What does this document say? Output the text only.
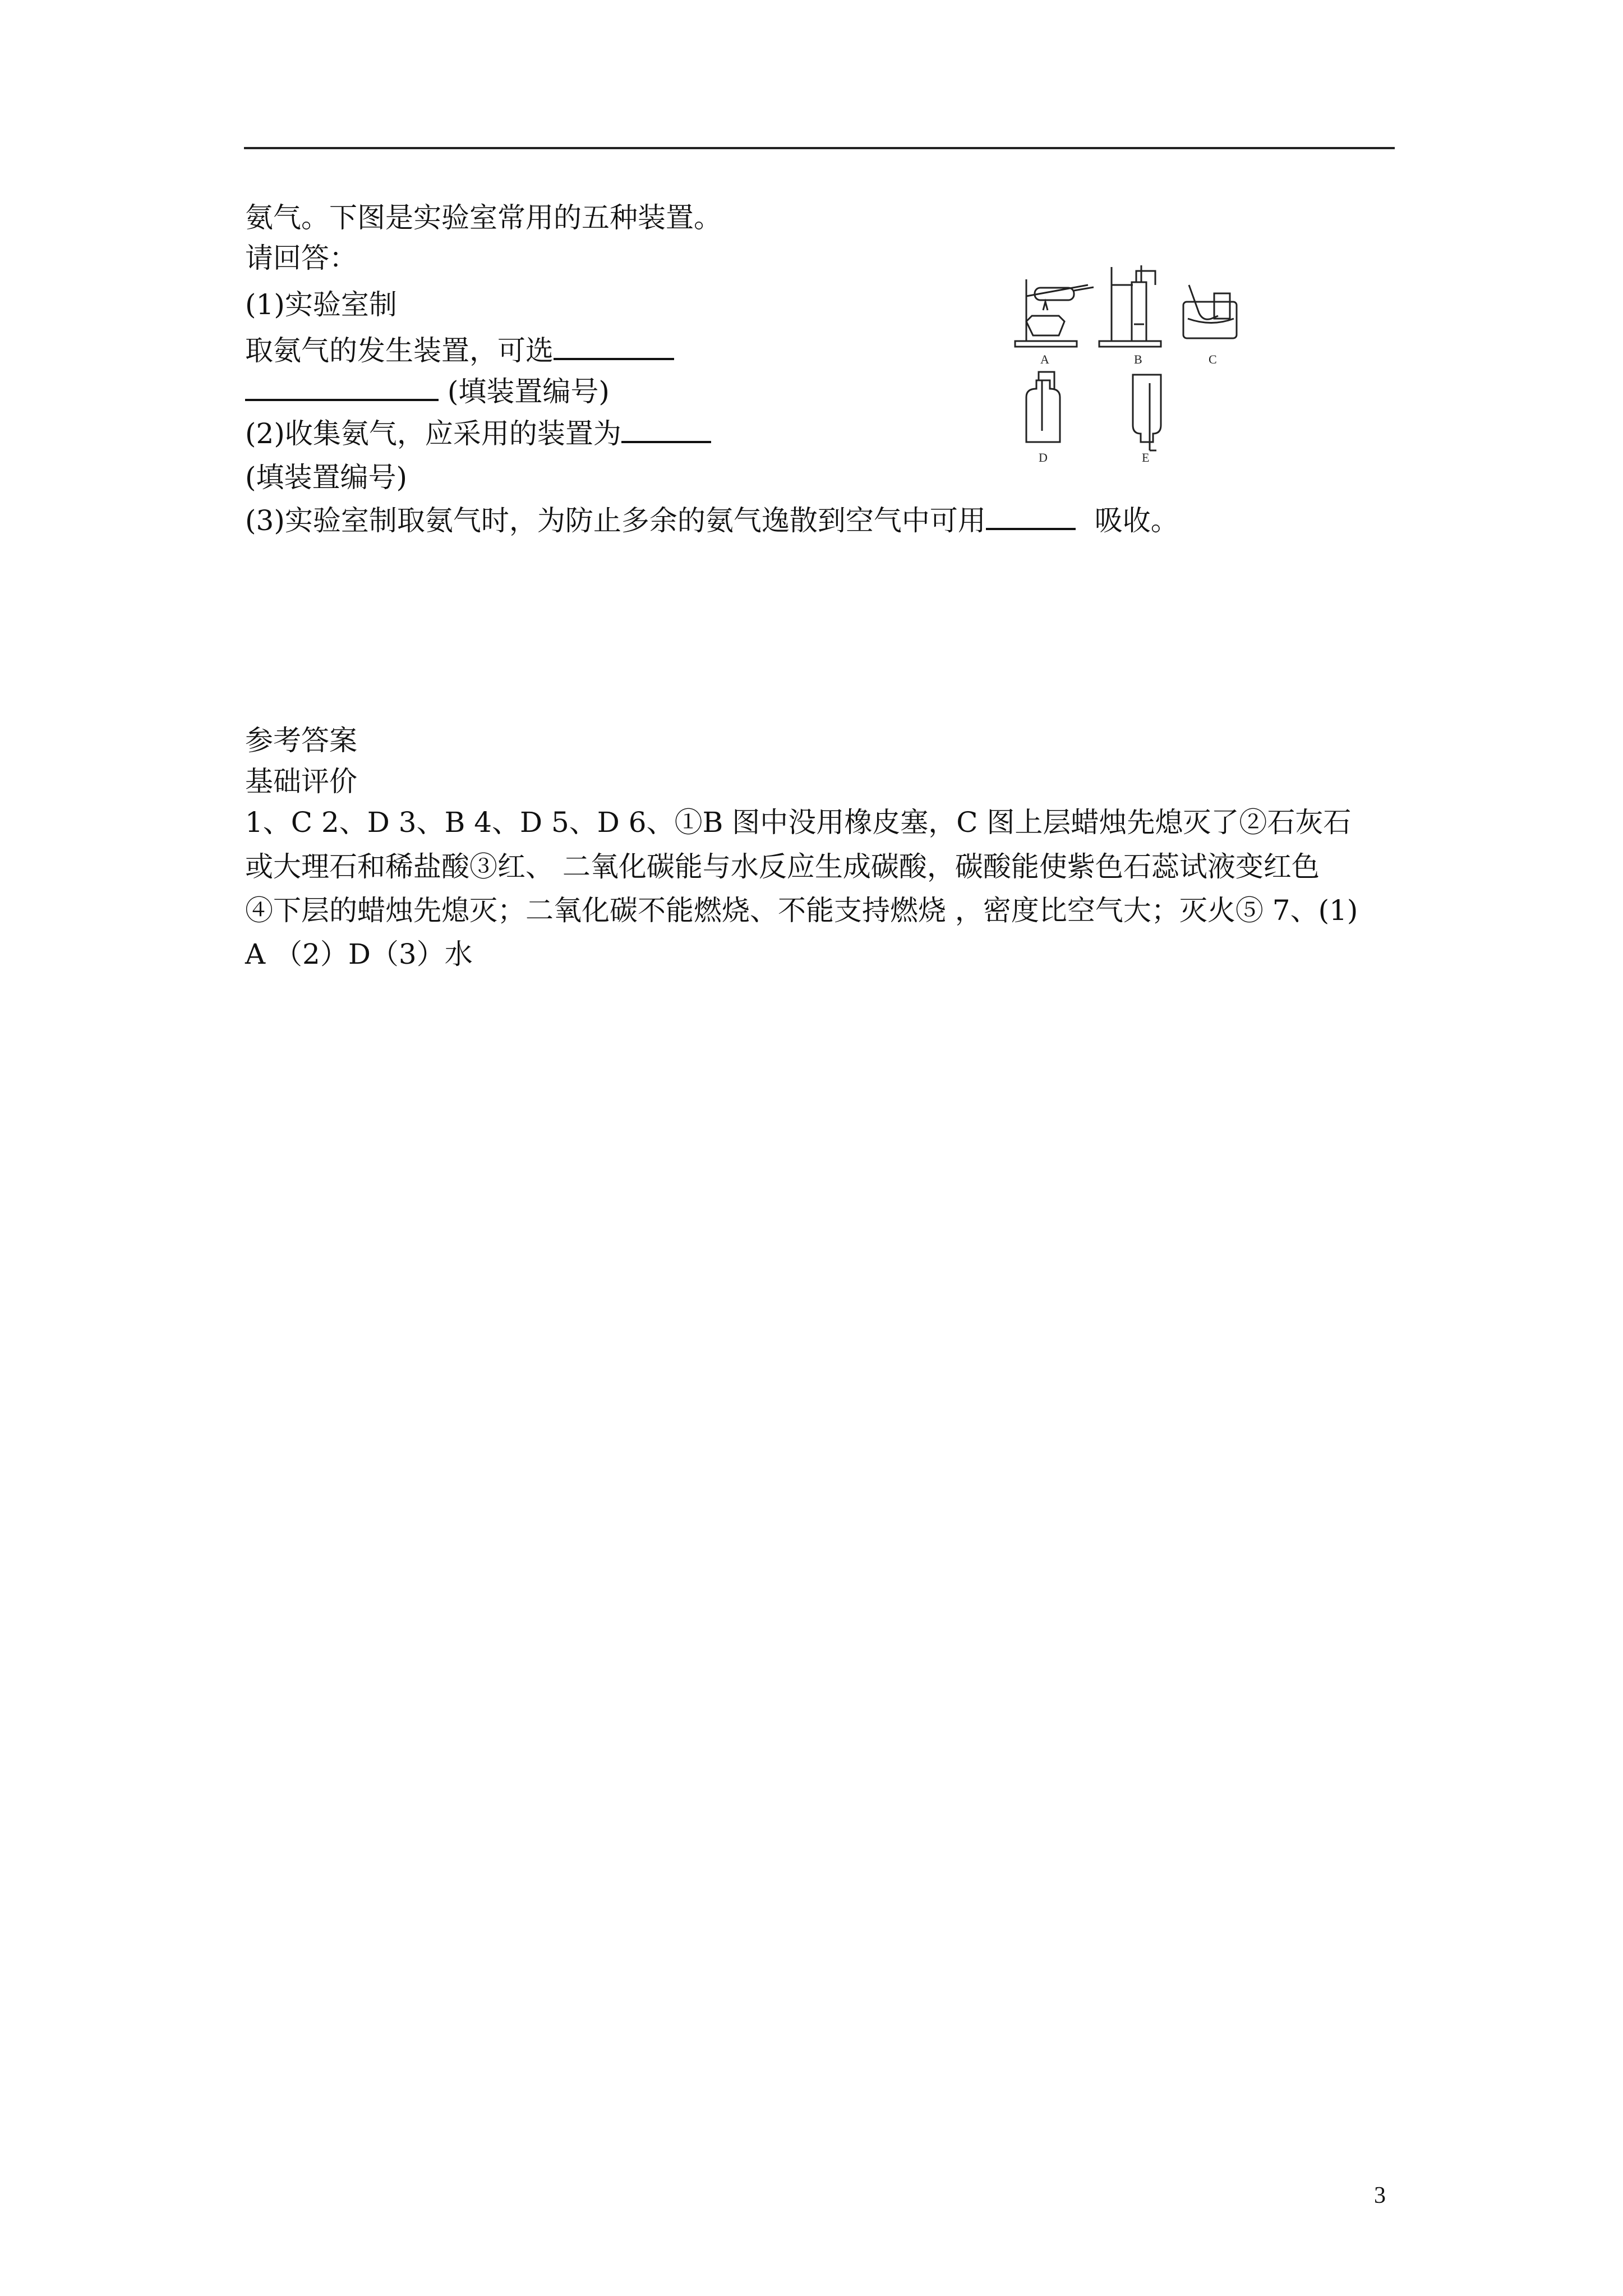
氨气。下图是实验室常用的五种装置。
请回答：
(1)实验室制
取氨气的发生装置，可选
(填装置编号)
(2)收集氨气，应采用的装置为
(填装置编号)
(3)实验室制取氨气时，为防止多余的氨气逸散到空气中可用	吸收。
A	B	C
D	E
参考答案
基础评价
1、C 2、D 3、B 4、D 5、D 6、①B 图中没用橡皮塞，C 图上层蜡烛先熄灭了②石灰石
或大理石和稀盐酸③红、 二氧化碳能与水反应生成碳酸，碳酸能使紫色石蕊试液变红色
④下层的蜡烛先熄灭；二氧化碳不能燃烧、不能支持燃烧 ，密度比空气大；灭火⑤ 7、(1)
A （2）D（3）水
3
